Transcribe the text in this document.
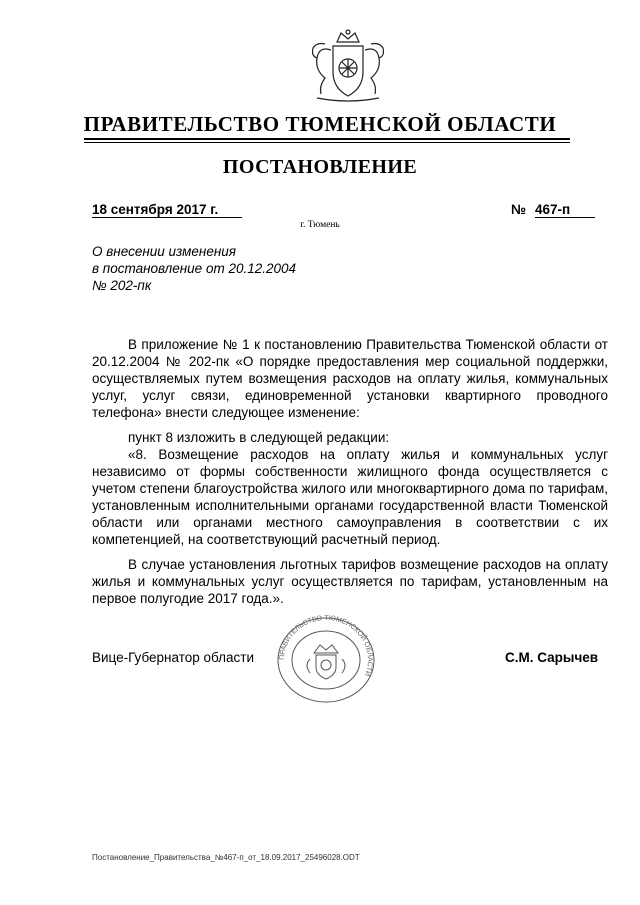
ПРАВИТЕЛЬСТВО ТЮМЕНСКОЙ ОБЛАСТИ
ПОСТАНОВЛЕНИЕ
18 сентября 2017 г.	№ 467-п
г. Тюмень
О внесении изменения
в постановление от 20.12.2004
№ 202-пк

В приложение № 1 к постановлению Правительства Тюменской области от 20.12.2004 № 202-пк «О порядке предоставления мер социальной поддержки, осуществляемых путем возмещения расходов на оплату жилья, коммунальных услуг, услуг связи, единовременной установки квартирного проводного телефона» внести следующее изменение:

пункт 8 изложить в следующей редакции:

«8. Возмещение расходов на оплату жилья и коммунальных услуг независимо от формы собственности жилищного фонда осуществляется с учетом степени благоустройства жилого или многоквартирного дома по тарифам, установленным исполнительными органами государственной власти Тюменской области или органами местного самоуправления в соответствии с их компетенцией, на соответствующий расчетный период.

В случае установления льготных тарифов возмещение расходов на оплату жилья и коммунальных услуг осуществляется по тарифам, установленным на первое полугодие 2017 года.».

ПРАВИТЕЛЬСТВО ТЮМЕНСКОЙ ОБЛАСТИ
Вице-Губернатор области	С.М. Сарычев
Постановление_Правительства_№467-п_от_18.09.2017_25496028.ODT
